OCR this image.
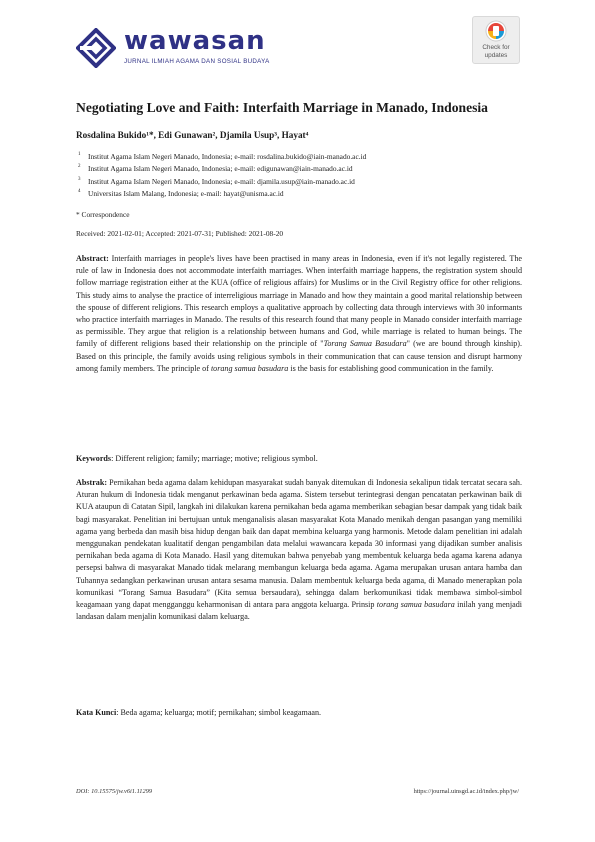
wawasan
JURNAL ILMIAH AGAMA DAN SOSIAL BUDAYA
Check for
updates
Negotiating Love and Faith: Interfaith Marriage in Manado, Indonesia
Rosdalina Bukido¹*, Edi Gunawan², Djamila Usup³, Hayat⁴
1 Institut Agama Islam Negeri Manado, Indonesia; e-mail: rosdalina.bukido@iain-manado.ac.id
2 Institut Agama Islam Negeri Manado, Indonesia; e-mail: edigunawan@iain-manado.ac.id
3 Institut Agama Islam Negeri Manado, Indonesia; e-mail: djamila.usup@iain-manado.ac.id
4 Universitas Islam Malang, Indonesia; e-mail: hayat@unisma.ac.id
* Correspondence
Received: 2021-02-01; Accepted: 2021-07-31; Published: 2021-08-20
Abstract: Interfaith marriages in people's lives have been practised in many areas in Indonesia, even if it's not legally registered. The rule of law in Indonesia does not accommodate interfaith marriages. When interfaith marriage happens, the registration system should follow marriage registration either at the KUA (office of religious affairs) for Muslims or in the Civil Registry office for other religions. This study aims to analyse the practice of interreligious marriage in Manado and how they maintain a good marital relationship between the spouse of different religions. This research employs a qualitative approach by collecting data through interviews with 30 informants who practice interfaith marriages in Manado. The results of this research found that many people in Manado consider interfaith marriage as permissible. They argue that religion is a relationship between humans and God, while marriage is related to human beings. The family of different religions based their relationship on the principle of "Torang Samua Basudara" (we are bound through kinship). Based on this principle, the family avoids using religious symbols in their communication that can cause tension and disrupt harmony among family members. The principle of torang samua basudara is the basis for establishing good communication in the family.
Keywords: Different religion; family; marriage; motive; religious symbol.
Abstrak: Pernikahan beda agama dalam kehidupan masyarakat sudah banyak ditemukan di Indonesia sekalipun tidak tercatat secara sah. Aturan hukum di Indonesia tidak menganut perkawinan beda agama. Sistem tersebut terintegrasi dengan pencatatan perkawinan baik di KUA ataupun di Catatan Sipil, langkah ini dilakukan karena pernikahan beda agama memberikan sebagian besar dampak yang tidak baik bagi masyarakat. Penelitian ini bertujuan untuk menganalisis alasan masyarakat Kota Manado menikah dengan pasangan yang memiliki agama yang berbeda dan masih bisa hidup dengan baik dan dapat membina keluarga yang harmonis. Metode dalam penelitian ini adalah menggunakan pendekatan kualitatif dengan pengambilan data melalui wawancara kepada 30 informasi yang dijadikan sumber analisis pernikahan beda agama di Kota Manado. Hasil yang ditemukan bahwa penyebab yang membentuk keluarga beda agama karena adanya persepsi bahwa di masyarakat Manado tidak melarang membangun keluarga beda agama. Agama merupakan urusan antara hamba dan Tuhannya sedangkan perkawinan urusan antara sesama manusia. Dalam membentuk keluarga beda agama, di Manado menerapkan pola komunikasi “Torang Samua Basudara” (Kita semua bersaudara), sehingga dalam berkomunikasi tidak membawa simbol-simbol keagamaan yang dapat mengganggu keharmonisan di antara para anggota keluarga. Prinsip torang samua basudara inilah yang menjadi landasan dalam menjalin komunikasi dalam keluarga.
Kata Kunci: Beda agama; keluarga; motif; pernikahan; simbol keagamaan.
DOI: 10.15575/jw.v6i1.11299	https://journal.uinsgd.ac.id/index.php/jw/
